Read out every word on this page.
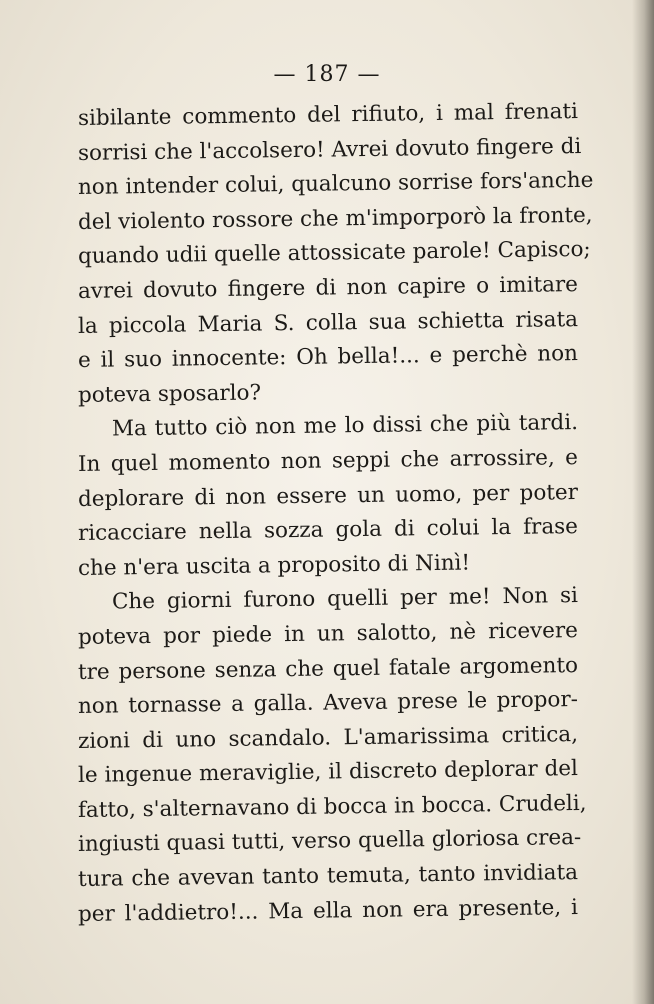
— 187 —
sibilante commento del rifiuto, i mal frenati
sorrisi che l'accolsero! Avrei dovuto fingere di
non intender colui, qualcuno sorrise fors'anche
del violento rossore che m'imporporò la fronte,
quando udii quelle attossicate parole! Capisco;
avrei dovuto fingere di non capire o imitare
la piccola Maria S. colla sua schietta risata
e il suo innocente: Oh bella!... e perchè non
poteva sposarlo?
Ma tutto ciò non me lo dissi che più tardi.
In quel momento non seppi che arrossire, e
deplorare di non essere un uomo, per poter
ricacciare nella sozza gola di colui la frase
che n'era uscita a proposito di Ninì!
Che giorni furono quelli per me! Non si
poteva por piede in un salotto, nè ricevere
tre persone senza che quel fatale argomento
non tornasse a galla. Aveva prese le propor-
zioni di uno scandalo. L'amarissima critica,
le ingenue meraviglie, il discreto deplorar del
fatto, s'alternavano di bocca in bocca. Crudeli,
ingiusti quasi tutti, verso quella gloriosa crea-
tura che avevan tanto temuta, tanto invidiata
per l'addietro!... Ma ella non era presente, i
